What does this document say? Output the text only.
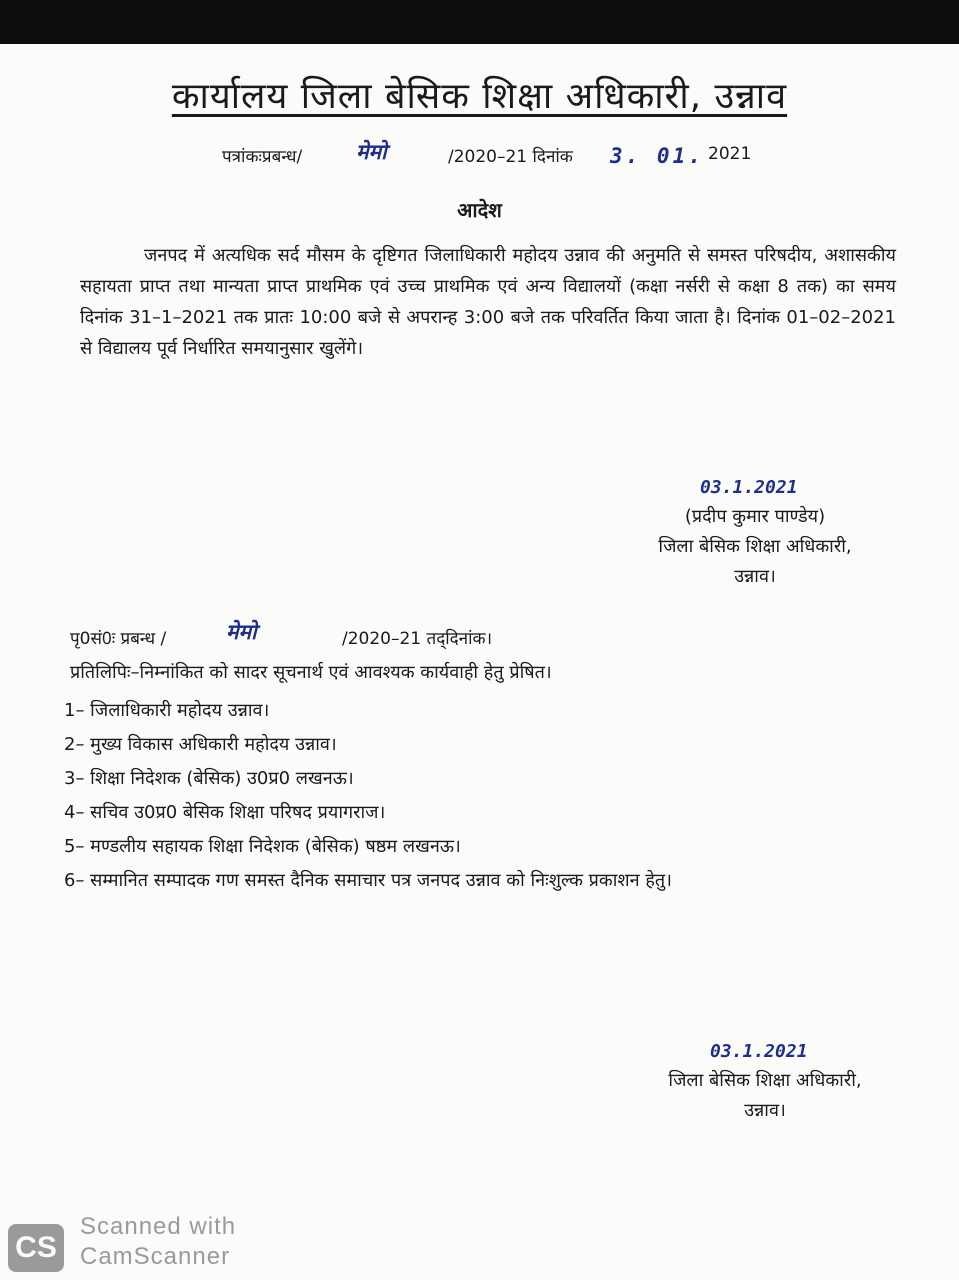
कार्यालय जिला बेसिक शिक्षा अधिकारी, उन्नाव
पत्रांकःप्रबन्ध/	मेमो	/2020–21 दिनांक 3. 01. 2021
आदेश
जनपद में अत्यधिक सर्द मौसम के दृष्टिगत जिलाधिकारी महोदय उन्नाव की अनुमति से समस्त परिषदीय, अशासकीय सहायता प्राप्त तथा मान्यता प्राप्त प्राथमिक एवं उच्च प्राथमिक एवं अन्य विद्यालयों (कक्षा नर्सरी से कक्षा 8 तक) का समय दिनांक 31–1–2021 तक प्रातः 10:00 बजे से अपरान्ह 3:00 बजे तक परिवर्तित किया जाता है। दिनांक 01–02–2021 से विद्यालय पूर्व निर्धारित समयानुसार खुलेंगे।
03.1.2021
(प्रदीप कुमार पाण्डेय)
जिला बेसिक शिक्षा अधिकारी,
उन्नाव।
पृ0सं0ः प्रबन्ध /	मेमो	/2020–21 तद्‌दिनांक।
प्रतिलिपिः–निम्नांकित को सादर सूचनार्थ एवं आवश्यक कार्यवाही हेतु प्रेषित।
1– जिलाधिकारी महोदय उन्नाव।
2– मुख्य विकास अधिकारी महोदय उन्नाव।
3– शिक्षा निदेशक (बेसिक) उ0प्र0 लखनऊ।
4– सचिव उ0प्र0 बेसिक शिक्षा परिषद प्रयागराज।
5– मण्डलीय सहायक शिक्षा निदेशक (बेसिक) षष्ठम लखनऊ।
6– सम्मानित सम्पादक गण समस्त दैनिक समाचार पत्र जनपद उन्नाव को निःशुल्क प्रकाशन हेतु।
03.1.2021
जिला बेसिक शिक्षा अधिकारी,
उन्नाव।
CS
Scanned with
CamScanner
